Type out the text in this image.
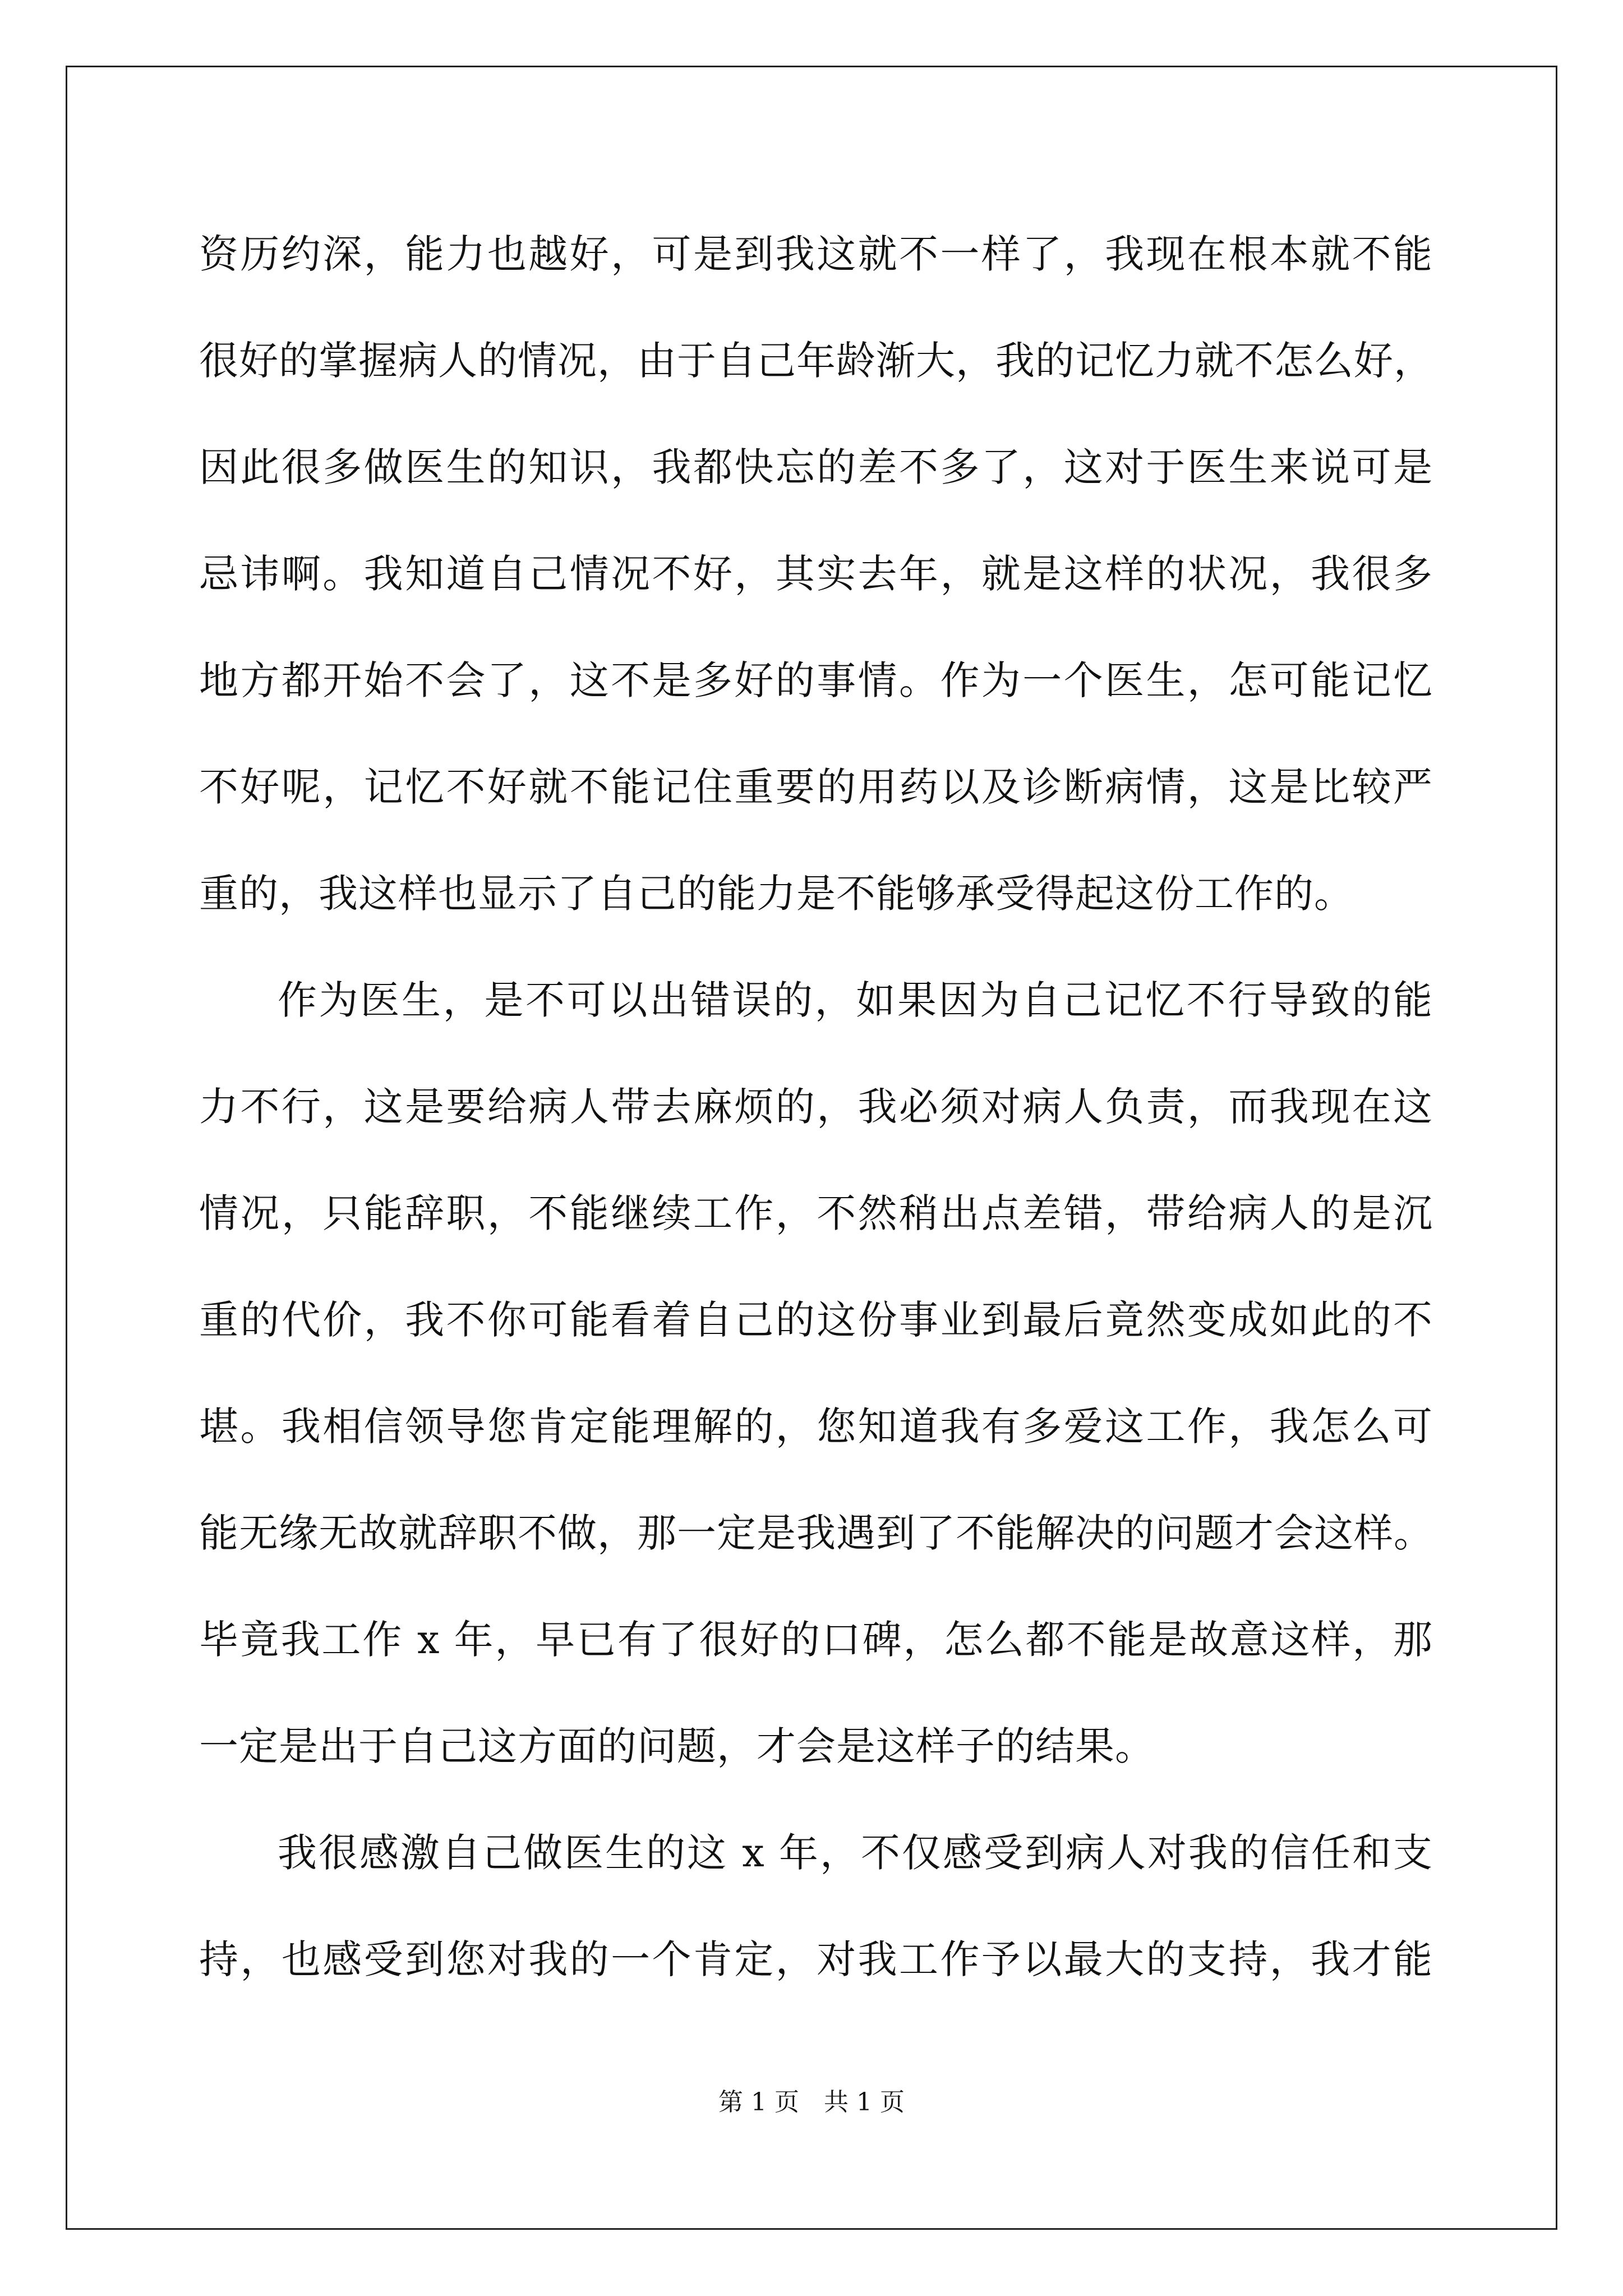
资历约深，能力也越好，可是到我这就不一样了，我现在根本就不能
很好的掌握病人的情况，由于自己年龄渐大，我的记忆力就不怎么好，
因此很多做医生的知识，我都快忘的差不多了，这对于医生来说可是
忌讳啊。我知道自己情况不好，其实去年，就是这样的状况，我很多
地方都开始不会了，这不是多好的事情。作为一个医生，怎可能记忆
不好呢，记忆不好就不能记住重要的用药以及诊断病情，这是比较严
重的，我这样也显示了自己的能力是不能够承受得起这份工作的。
作为医生，是不可以出错误的，如果因为自己记忆不行导致的能
力不行，这是要给病人带去麻烦的，我必须对病人负责，而我现在这
情况，只能辞职，不能继续工作，不然稍出点差错，带给病人的是沉
重的代价，我不你可能看着自己的这份事业到最后竟然变成如此的不
堪。我相信领导您肯定能理解的，您知道我有多爱这工作，我怎么可
能无缘无故就辞职不做，那一定是我遇到了不能解决的问题才会这样。
毕竟我工作 x 年，早已有了很好的口碑，怎么都不能是故意这样，那
一定是出于自己这方面的问题，才会是这样子的结果。
我很感激自己做医生的这 x 年，不仅感受到病人对我的信任和支
持，也感受到您对我的一个肯定，对我工作予以最大的支持，我才能
第 1 页 共 1 页
